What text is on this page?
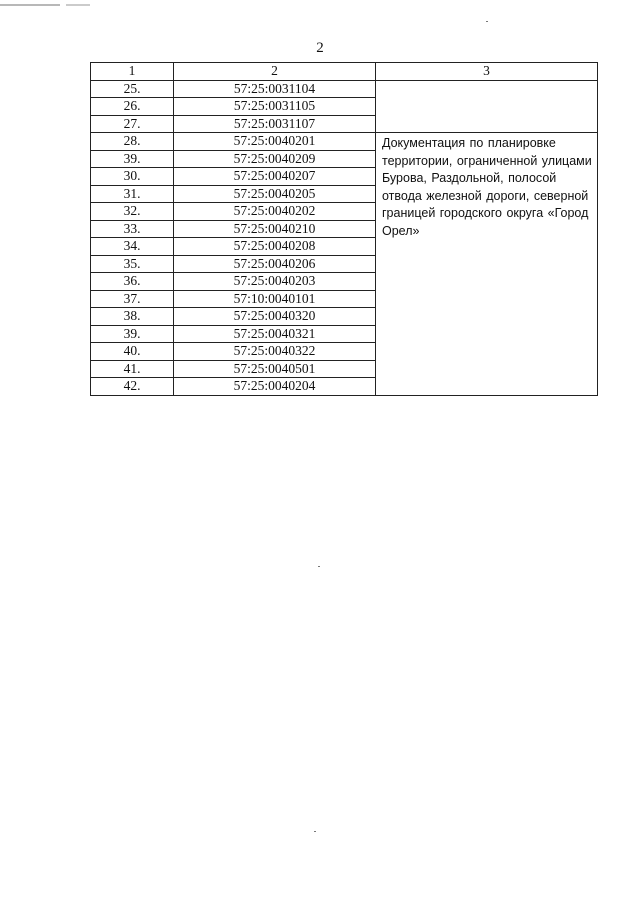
2
1	2	3
25.	57:25:0031104	
26.	57:25:0031105	
27.	57:25:0031107	
28.	57:25:0040201	Документация по планировке территории, ограниченной улицами Бурова, Раздольной, полосой отвода железной дороги, северной границей городского округа «Город Орел»
39.	57:25:0040209	
30.	57:25:0040207	
31.	57:25:0040205	
32.	57:25:0040202	
33.	57:25:0040210	
34.	57:25:0040208	
35.	57:25:0040206	
36.	57:25:0040203	
37.	57:10:0040101	
38.	57:25:0040320	
39.	57:25:0040321	
40.	57:25:0040322	
41.	57:25:0040501	
42.	57:25:0040204	
